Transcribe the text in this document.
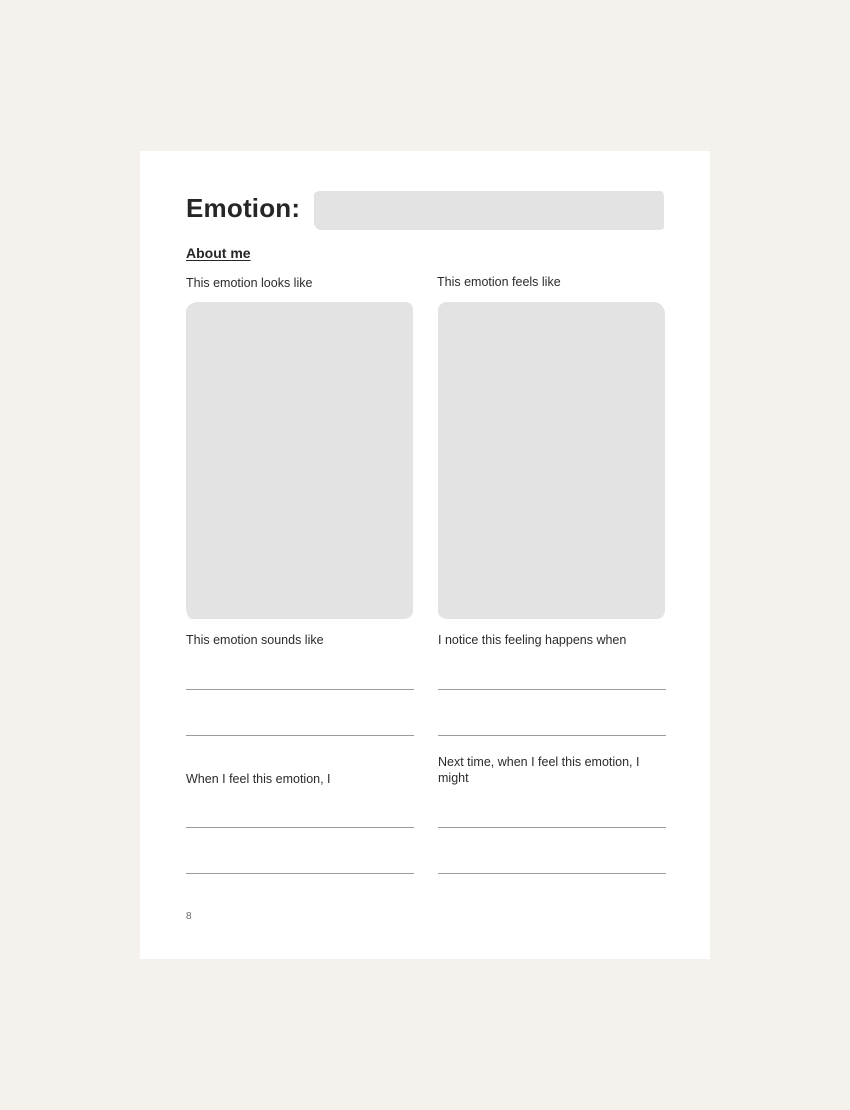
Emotion:
About me
This emotion looks like	This emotion feels like
This emotion sounds like	I notice this feeling happens when
When I feel this emotion, I
Next time, when I feel this emotion, I might
8
